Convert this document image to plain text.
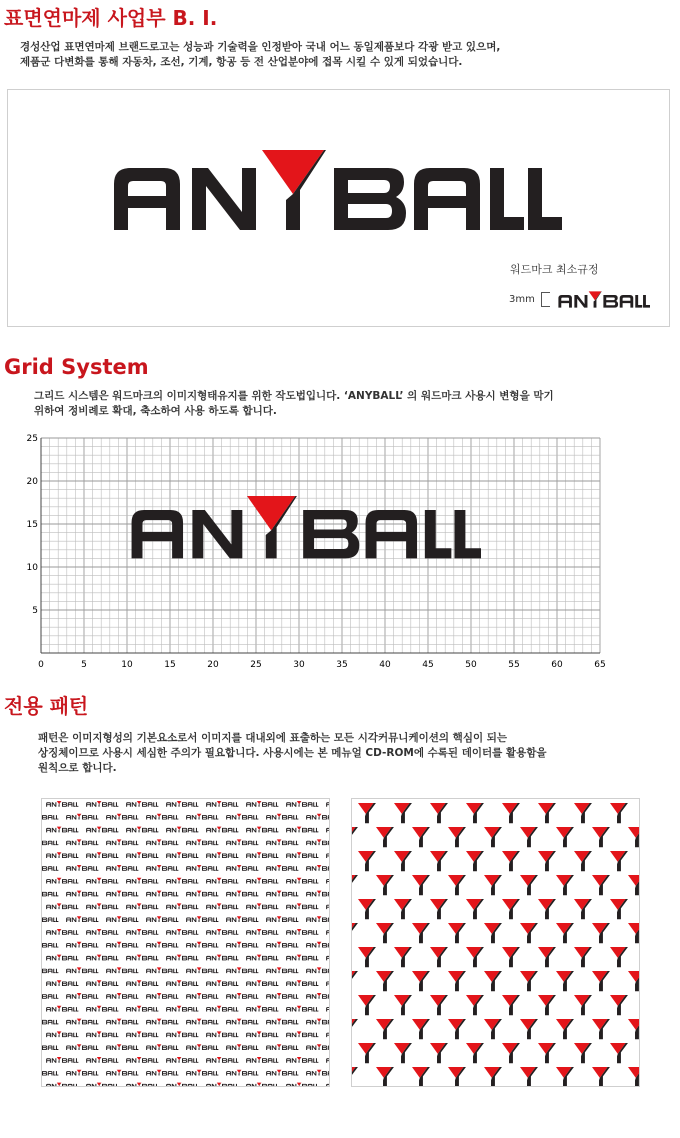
표면연마제 사업부 B. I.
경성산업 표면연마제 브랜드로고는 성능과 기술력을 인정받아 국내 어느 동일제품보다 각광 받고 있으며,
제품군 다변화를 통해 자동차, 조선, 기계, 항공 등 전 산업분야에 접목 시킬 수 있게 되었습니다.
워드마크 최소규정
3mm
Grid System
그리드 시스템은 워드마크의 이미지형태유지를 위한 작도법입니다. ‘ANYBALL’ 의 워드마크 사용시 변형을 막기
위하여 정비례로 확대, 축소하여 사용 하도록 합니다.
0	5	10	15	20	25	30	35	40	45	50	55	60	65
5
10
15
20
25
전용 패턴
패턴은 이미지형성의 기본요소로서 이미지를 대내외에 표출하는 모든 시각커뮤니케이션의 핵심이 되는
상징체이므로 사용시 세심한 주의가 필요합니다. 사용시에는 본 메뉴얼 CD-ROM에 수록된 데이터를 활용함을
원칙으로 합니다.
